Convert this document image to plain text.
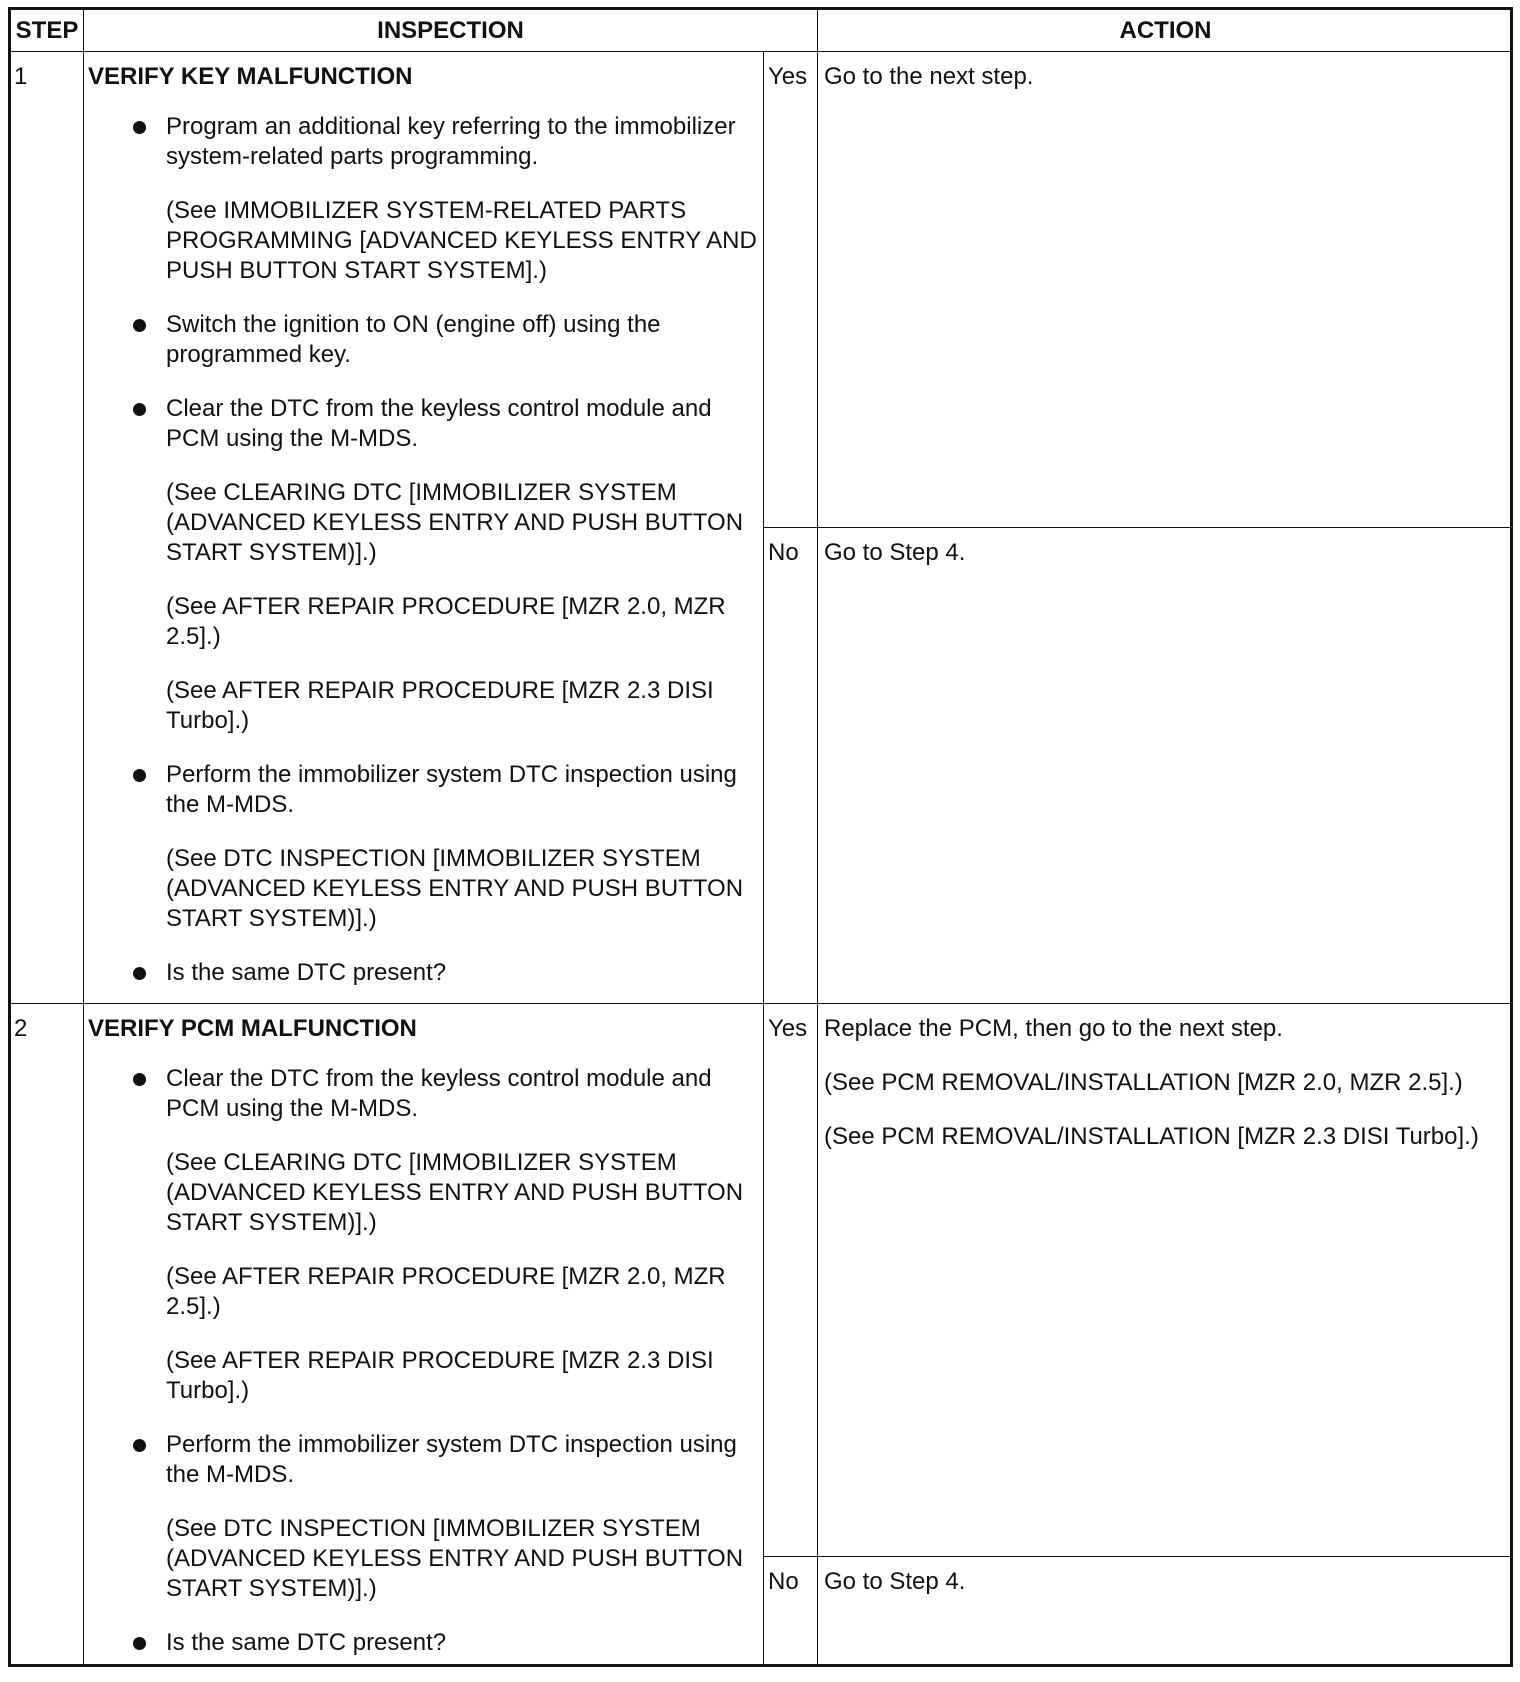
STEP	INSPECTION	ACTION
1	VERIFY KEY MALFUNCTION
Program an additional key referring to the immobilizer system-related parts programming.
(See IMMOBILIZER SYSTEM-RELATED PARTS PROGRAMMING [ADVANCED KEYLESS ENTRY AND PUSH BUTTON START SYSTEM].)
Switch the ignition to ON (engine off) using the programmed key.
Clear the DTC from the keyless control module and PCM using the M-MDS.
(See CLEARING DTC [IMMOBILIZER SYSTEM (ADVANCED KEYLESS ENTRY AND PUSH BUTTON START SYSTEM)].)
(See AFTER REPAIR PROCEDURE [MZR 2.0, MZR 2.5].)
(See AFTER REPAIR PROCEDURE [MZR 2.3 DISI Turbo].)
Perform the immobilizer system DTC inspection using the M-MDS.
(See DTC INSPECTION [IMMOBILIZER SYSTEM (ADVANCED KEYLESS ENTRY AND PUSH BUTTON START SYSTEM)].)
Is the same DTC present?
Yes Go to the next step.
No Go to Step 4.
2	VERIFY PCM MALFUNCTION
Clear the DTC from the keyless control module and PCM using the M-MDS.
(See CLEARING DTC [IMMOBILIZER SYSTEM (ADVANCED KEYLESS ENTRY AND PUSH BUTTON START SYSTEM)].)
(See AFTER REPAIR PROCEDURE [MZR 2.0, MZR 2.5].)
(See AFTER REPAIR PROCEDURE [MZR 2.3 DISI Turbo].)
Perform the immobilizer system DTC inspection using the M-MDS.
(See DTC INSPECTION [IMMOBILIZER SYSTEM (ADVANCED KEYLESS ENTRY AND PUSH BUTTON START SYSTEM)].)
Is the same DTC present?
Yes Replace the PCM, then go to the next step.
(See PCM REMOVAL/INSTALLATION [MZR 2.0, MZR 2.5].)
(See PCM REMOVAL/INSTALLATION [MZR 2.3 DISI Turbo].)
No Go to Step 4.
